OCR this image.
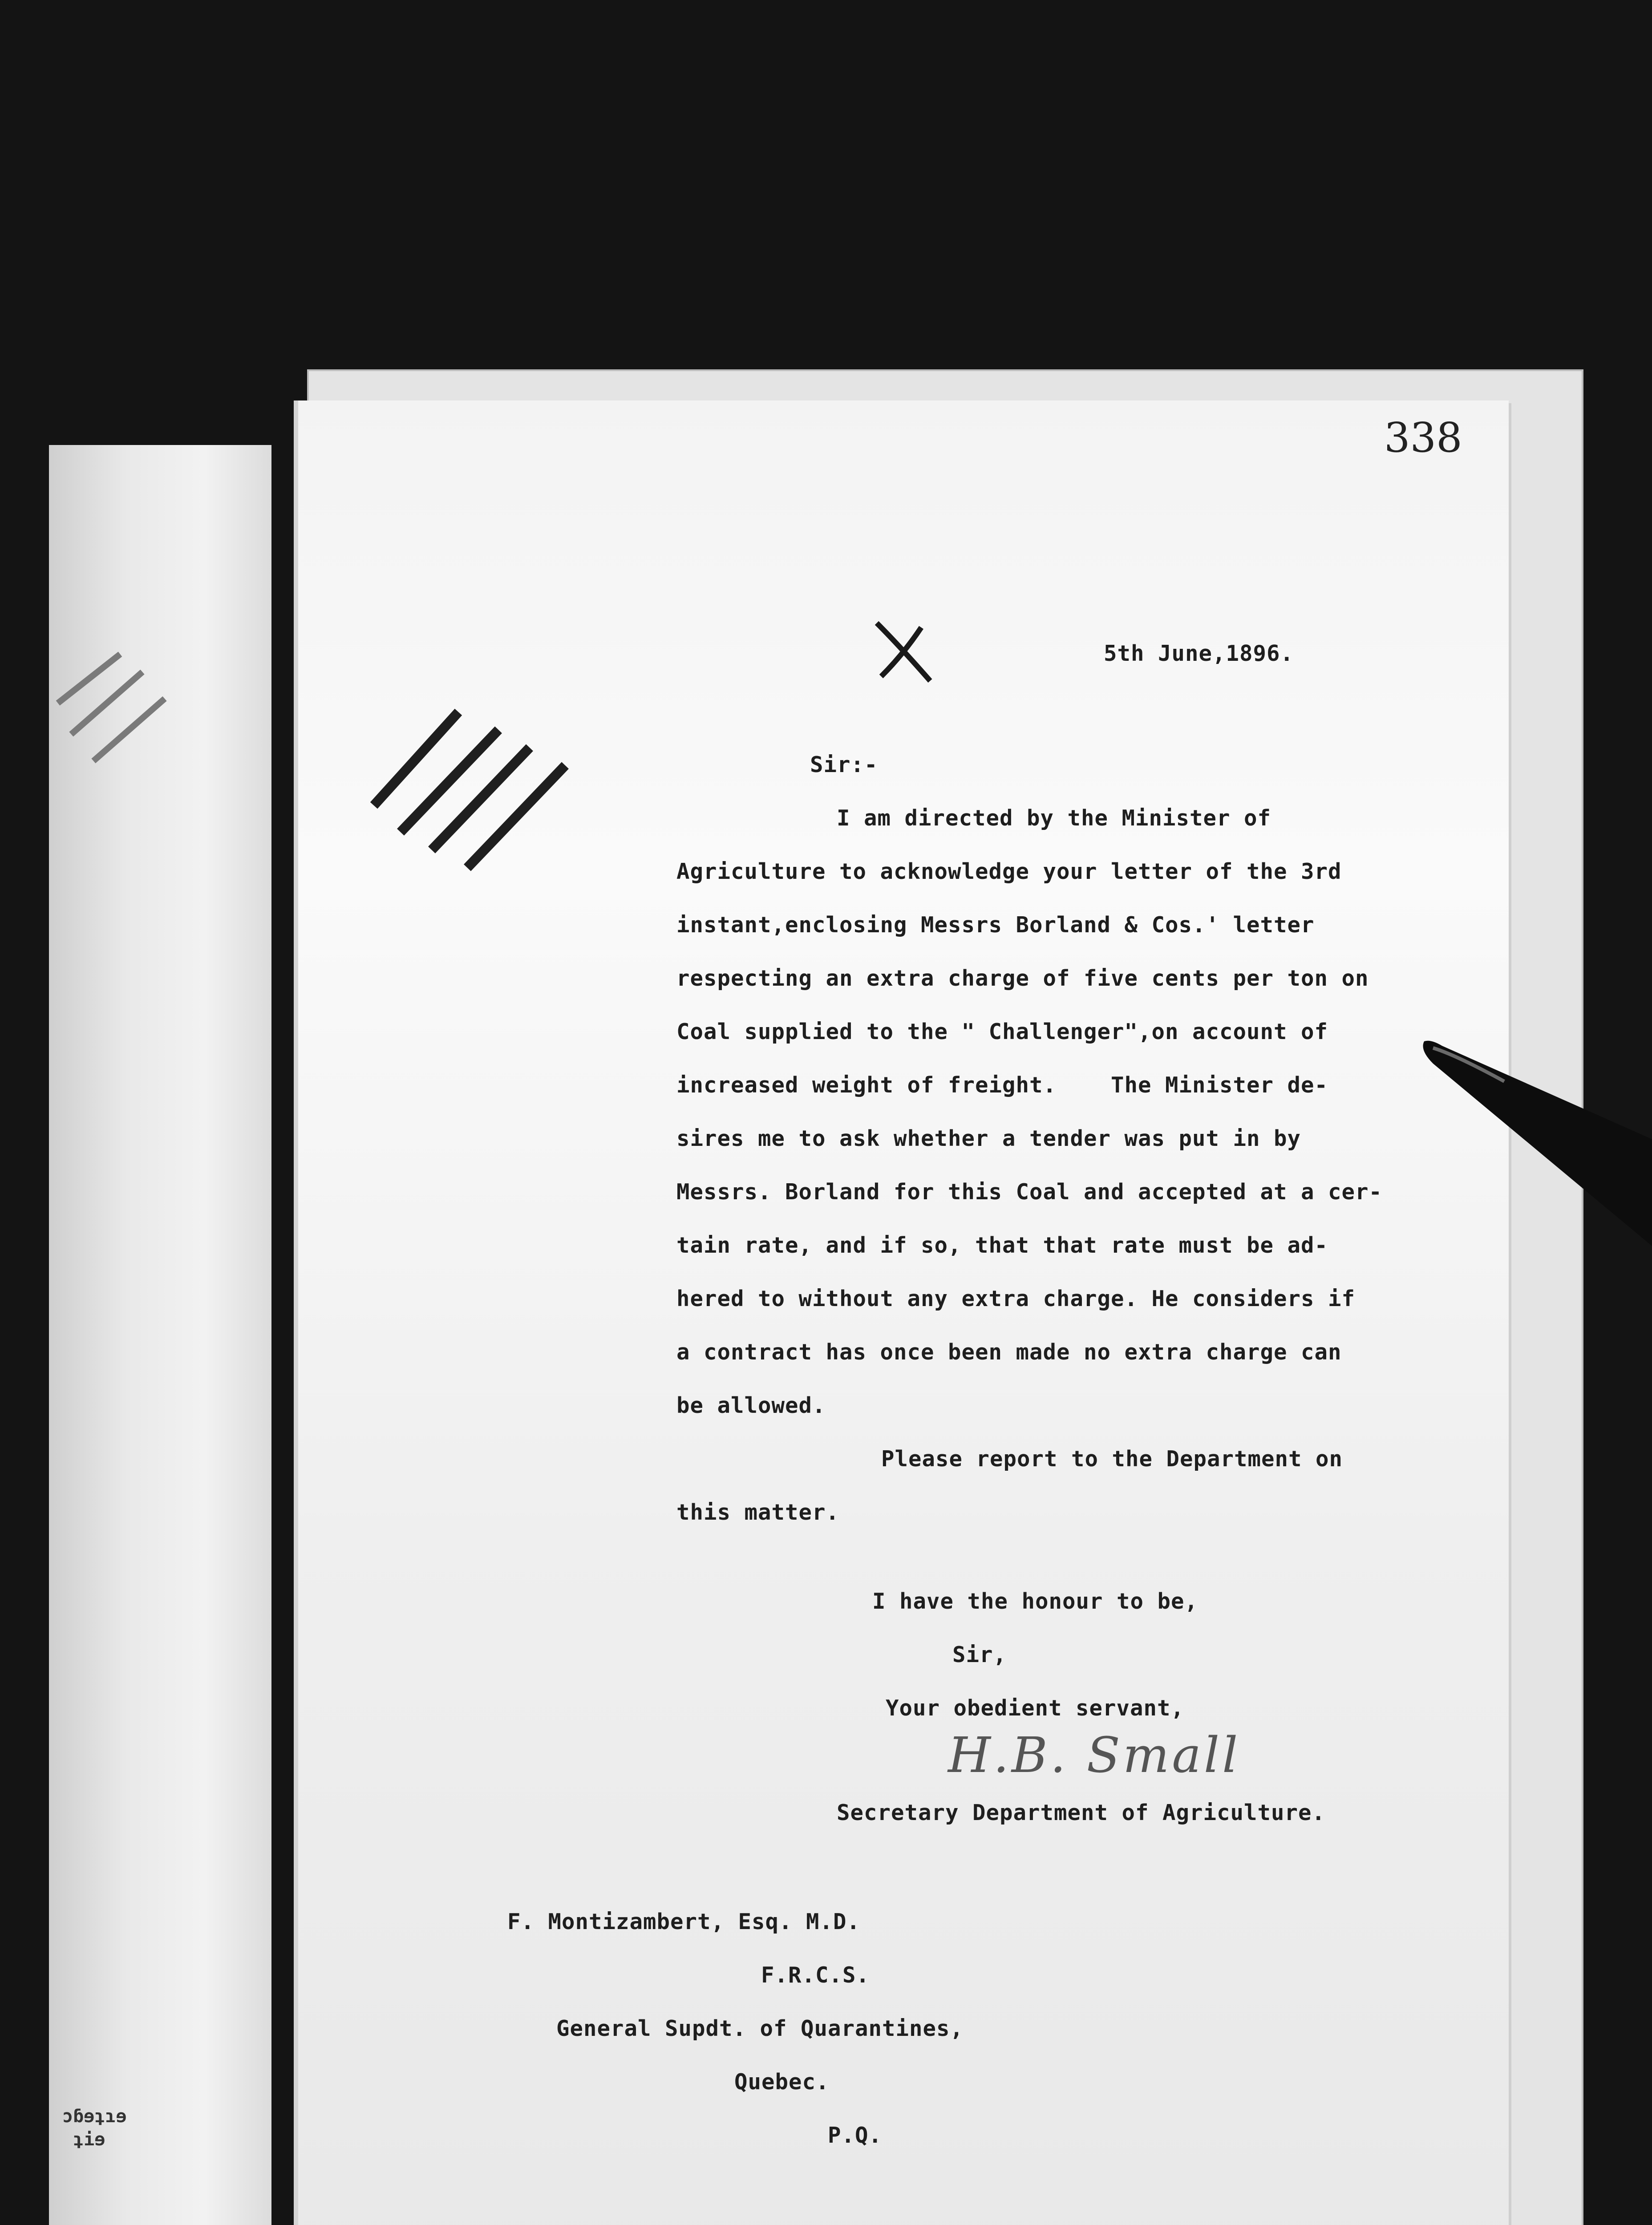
ɔɓɘʇɿɘ
ʇiɘ
338
5th June,1896.
Sir:-
I am directed by the Minister of
Agriculture to acknowledge your letter of the 3rd
instant,enclosing Messrs Borland & Cos.' letter
respecting an extra charge of five cents per ton on
Coal supplied to the " Challenger",on account of
increased weight of freight.    The Minister de-
sires me to ask whether a tender was put in by
Messrs. Borland for this Coal and accepted at a cer-
tain rate, and if so, that that rate must be ad-
hered to without any extra charge. He considers if
a contract has once been made no extra charge can
be allowed.
Please report to the Department on
this matter.
I have the honour to be,
Sir,
Your obedient servant,
H.B. Small
Secretary Department of Agriculture.
F. Montizambert, Esq. M.D.
F.R.C.S.
General Supdt. of Quarantines,
Quebec.
P.Q.
